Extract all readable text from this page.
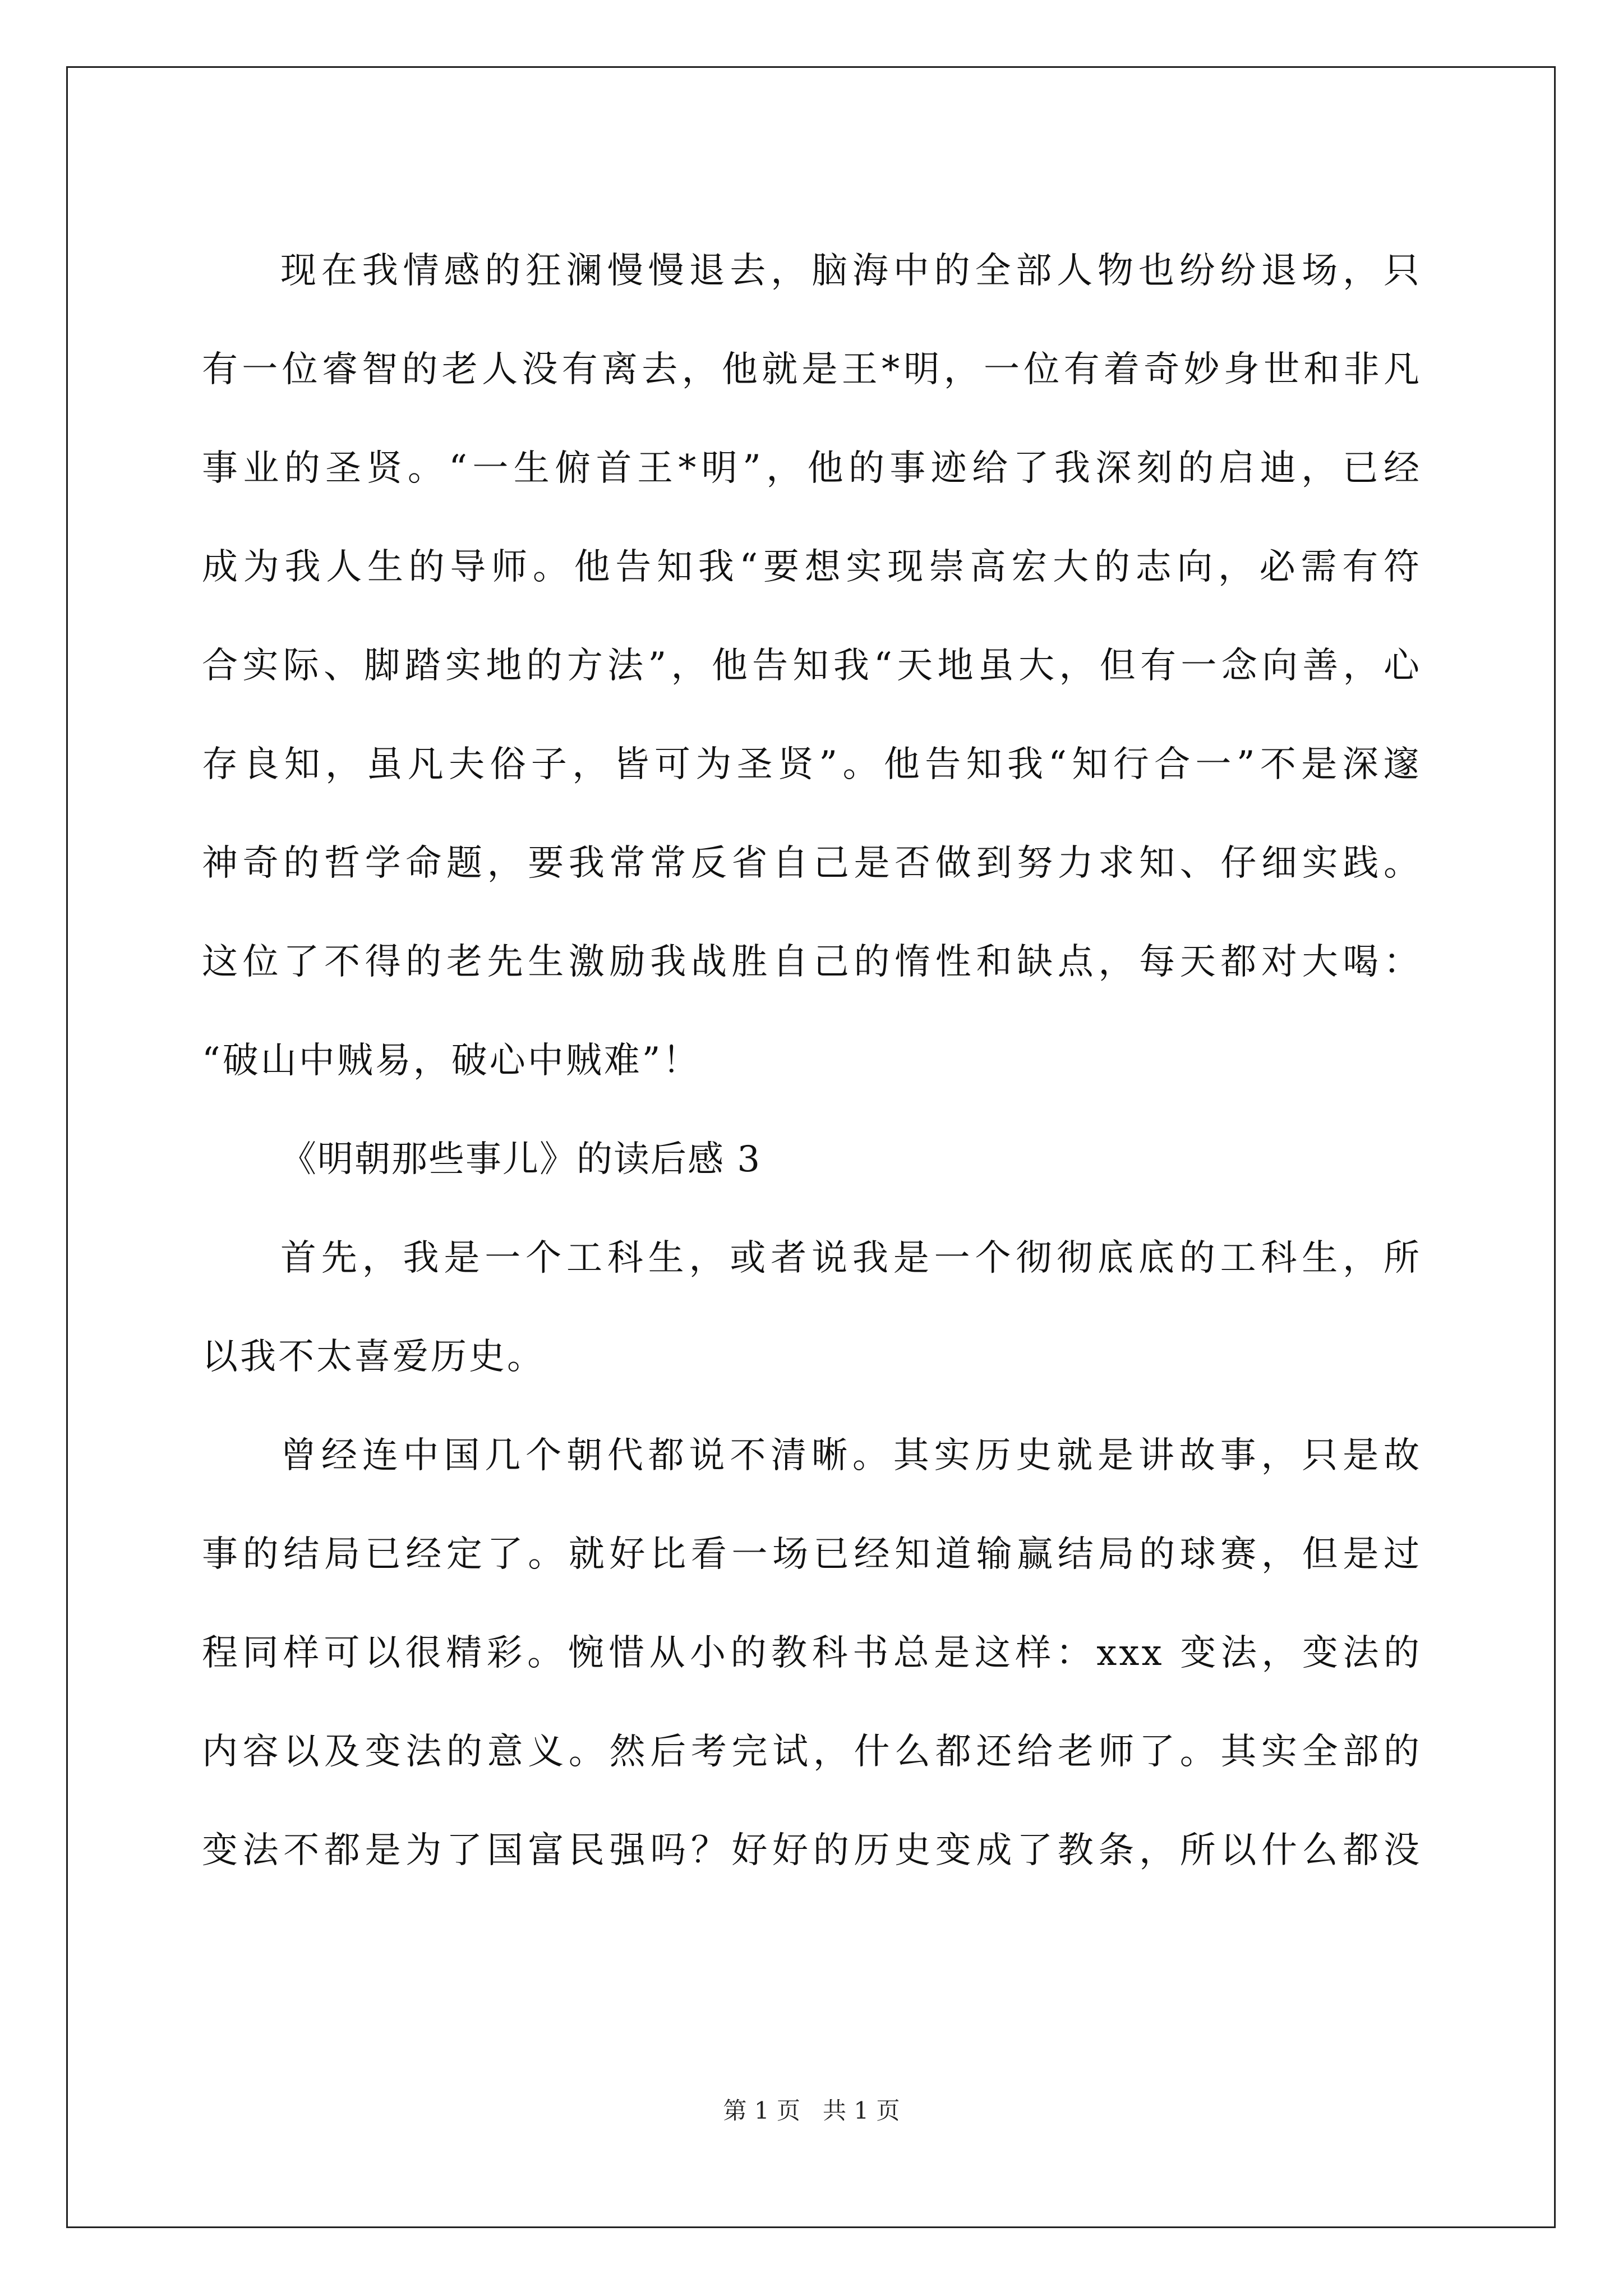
现在我情感的狂澜慢慢退去，脑海中的全部人物也纷纷退场，只
有一位睿智的老人没有离去，他就是王*明，一位有着奇妙身世和非凡
事业的圣贤。“一生俯首王*明”，他的事迹给了我深刻的启迪，已经
成为我人生的导师。他告知我“要想实现崇高宏大的志向，必需有符
合实际、脚踏实地的方法”，他告知我“天地虽大，但有一念向善，心
存良知，虽凡夫俗子，皆可为圣贤”。他告知我“知行合一”不是深邃
神奇的哲学命题，要我常常反省自己是否做到努力求知、仔细实践。
这位了不得的老先生激励我战胜自己的惰性和缺点，每天都对大喝：
“破山中贼易，破心中贼难”！
《明朝那些事儿》的读后感 3
首先，我是一个工科生，或者说我是一个彻彻底底的工科生，所
以我不太喜爱历史。
曾经连中国几个朝代都说不清晰。其实历史就是讲故事，只是故
事的结局已经定了。就好比看一场已经知道输赢结局的球赛，但是过
程同样可以很精彩。惋惜从小的教科书总是这样：xxx 变法，变法的
内容以及变法的意义。然后考完试，什么都还给老师了。其实全部的
变法不都是为了国富民强吗？好好的历史变成了教条，所以什么都没
第 1 页   共 1 页
